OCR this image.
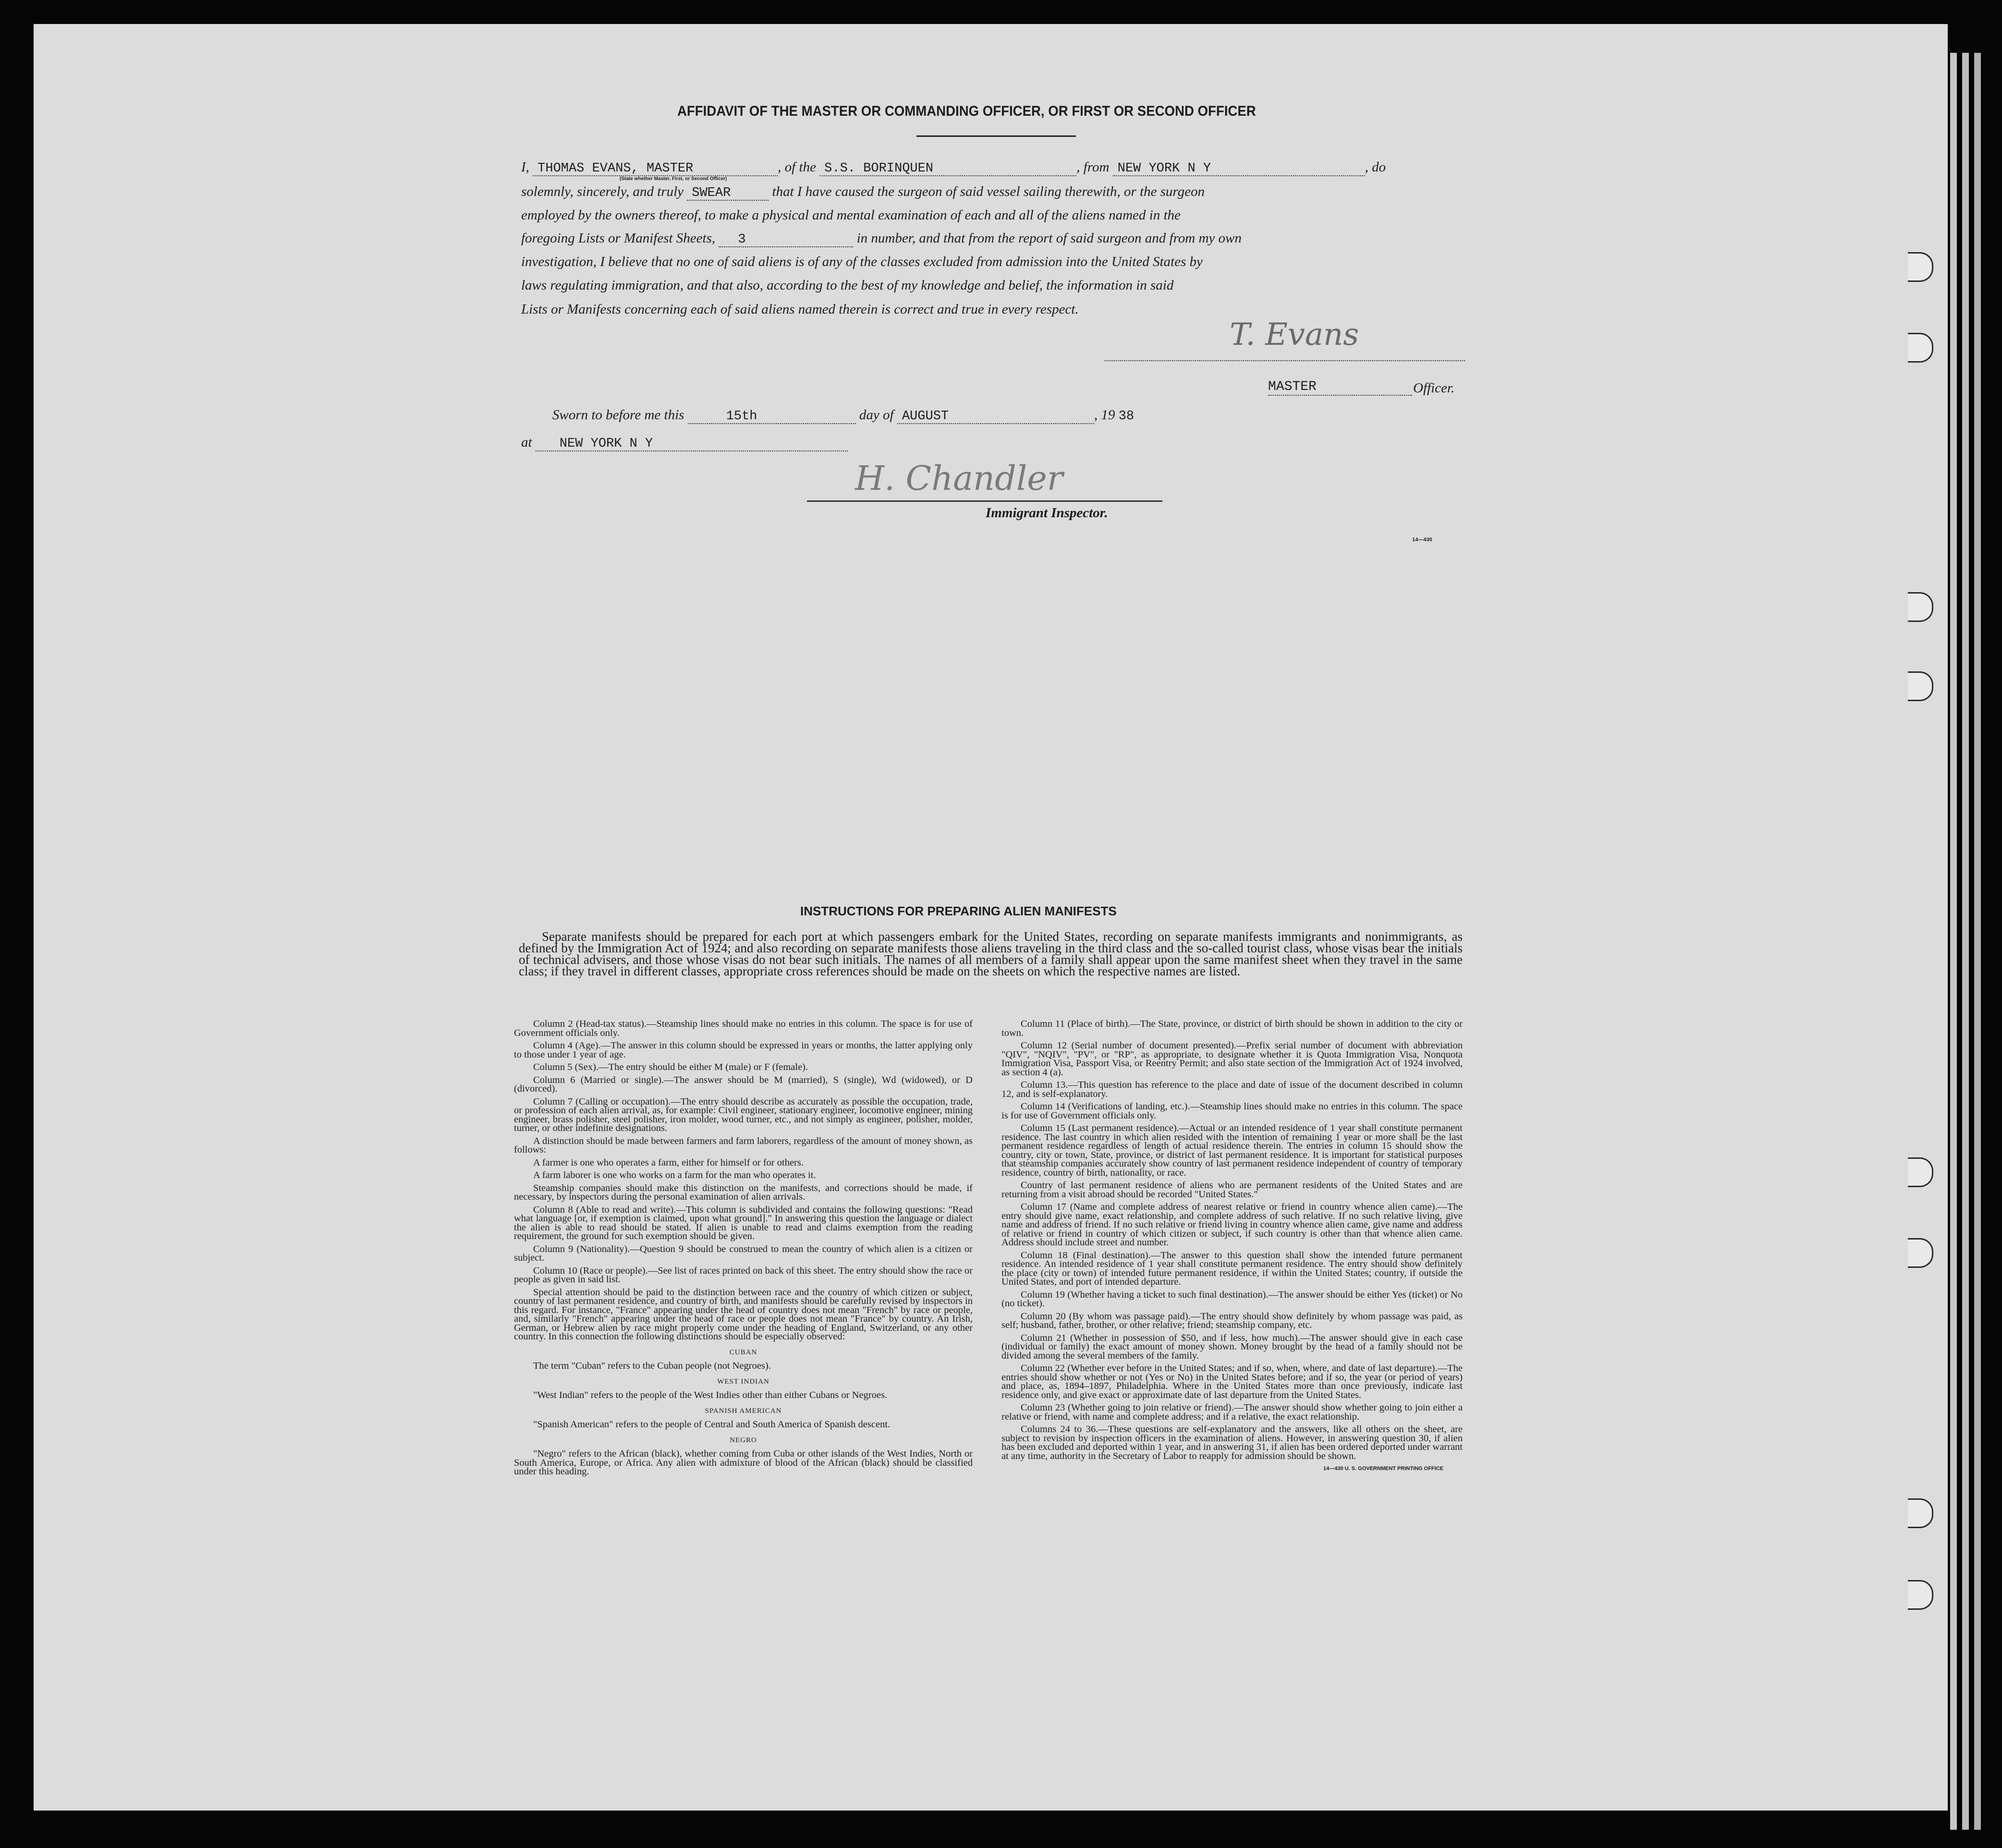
AFFIDAVIT OF THE MASTER OR COMMANDING OFFICER, OR FIRST OR SECOND OFFICER
I, THOMAS EVANS, MASTER	, of the S.S. BORINQUEN	, from NEW YORK N Y	, do
(State whether Master, First, or Second Officer)
solemnly, sincerely, and truly SWEAR	that I have caused the surgeon of said vessel sailing therewith, or the surgeon
employed by the owners thereof, to make a physical and mental examination of each and all of the aliens named in the
foregoing Lists or Manifest Sheets, 3	in number, and that from the report of said surgeon and from my own
investigation, I believe that no one of said aliens is of any of the classes excluded from admission into the United States by
laws regulating immigration, and that also, according to the best of my knowledge and belief, the information in said
Lists or Manifests concerning each of said aliens named therein is correct and true in every respect.
T. Evans
MASTER	Officer.
Sworn to before me this	15th	day of AUGUST	, 19 38
at NEW YORK N Y
H. Chandler
Immigrant Inspector.
14—430
INSTRUCTIONS FOR PREPARING ALIEN MANIFESTS

Separate manifests should be prepared for each port at which passengers embark for the United States, recording on separate manifests immigrants and nonimmigrants, as defined by the Immigration Act of 1924; and also recording on separate manifests those aliens traveling in the third class and the so-called tourist class, whose visas bear the initials of technical advisers, and those whose visas do not bear such initials. The names of all members of a family shall appear upon the same manifest sheet when they travel in the same class; if they travel in different classes, appropriate cross references should be made on the sheets on which the respective names are listed.

Column 2 (Head-tax status).—Steamship lines should make no entries in this column. The space is for use of Government officials only.

Column 4 (Age).—The answer in this column should be expressed in years or months, the latter applying only to those under 1 year of age.

Column 5 (Sex).—The entry should be either M (male) or F (female).

Column 6 (Married or single).—The answer should be M (married), S (single), Wd (widowed), or D (divorced).

Column 7 (Calling or occupation).—The entry should describe as accurately as possible the occupation, trade, or profession of each alien arrival, as, for example: Civil engineer, stationary engineer, locomotive engineer, mining engineer, brass polisher, steel polisher, iron molder, wood turner, etc., and not simply as engineer, polisher, molder, turner, or other indefinite designations.

A distinction should be made between farmers and farm laborers, regardless of the amount of money shown, as follows:

A farmer is one who operates a farm, either for himself or for others.

A farm laborer is one who works on a farm for the man who operates it.

Steamship companies should make this distinction on the manifests, and corrections should be made, if necessary, by inspectors during the personal examination of alien arrivals.

Column 8 (Able to read and write).—This column is subdivided and contains the following questions: "Read what language [or, if exemption is claimed, upon what ground]." In answering this question the language or dialect the alien is able to read should be stated. If alien is unable to read and claims exemption from the reading requirement, the ground for such exemption should be given.

Column 9 (Nationality).—Question 9 should be construed to mean the country of which alien is a citizen or subject.

Column 10 (Race or people).—See list of races printed on back of this sheet. The entry should show the race or people as given in said list.

Special attention should be paid to the distinction between race and the country of which citizen or subject, country of last permanent residence, and country of birth, and manifests should be carefully revised by inspectors in this regard. For instance, "France" appearing under the head of country does not mean "French" by race or people, and, similarly "French" appearing under the head of race or people does not mean "France" by country. An Irish, German, or Hebrew alien by race might properly come under the heading of England, Switzerland, or any other country. In this connection the following distinctions should be especially observed:

CUBAN

The term "Cuban" refers to the Cuban people (not Negroes).

WEST INDIAN

"West Indian" refers to the people of the West Indies other than either Cubans or Negroes.

SPANISH AMERICAN

"Spanish American" refers to the people of Central and South America of Spanish descent.

NEGRO

"Negro" refers to the African (black), whether coming from Cuba or other islands of the West Indies, North or South America, Europe, or Africa. Any alien with admixture of blood of the African (black) should be classified under this heading.

Column 11 (Place of birth).—The State, province, or district of birth should be shown in addition to the city or town.

Column 12 (Serial number of document presented).—Prefix serial number of document with abbreviation "QIV", "NQIV", "PV", or "RP", as appropriate, to designate whether it is Quota Immigration Visa, Nonquota Immigration Visa, Passport Visa, or Reentry Permit; and also state section of the Immigration Act of 1924 involved, as section 4 (a).

Column 13.—This question has reference to the place and date of issue of the document described in column 12, and is self-explanatory.

Column 14 (Verifications of landing, etc.).—Steamship lines should make no entries in this column. The space is for use of Government officials only.

Column 15 (Last permanent residence).—Actual or an intended residence of 1 year shall constitute permanent residence. The last country in which alien resided with the intention of remaining 1 year or more shall be the last permanent residence regardless of length of actual residence therein. The entries in column 15 should show the country, city or town, State, province, or district of last permanent residence. It is important for statistical purposes that steamship companies accurately show country of last permanent residence independent of country of temporary residence, country of birth, nationality, or race.

Country of last permanent residence of aliens who are permanent residents of the United States and are returning from a visit abroad should be recorded "United States."

Column 17 (Name and complete address of nearest relative or friend in country whence alien came).—The entry should give name, exact relationship, and complete address of such relative. If no such relative living, give name and address of friend. If no such relative or friend living in country whence alien came, give name and address of relative or friend in country of which citizen or subject, if such country is other than that whence alien came. Address should include street and number.

Column 18 (Final destination).—The answer to this question shall show the intended future permanent residence. An intended residence of 1 year shall constitute permanent residence. The entry should show definitely the place (city or town) of intended future permanent residence, if within the United States; country, if outside the United States, and port of intended departure.

Column 19 (Whether having a ticket to such final destination).—The answer should be either Yes (ticket) or No (no ticket).

Column 20 (By whom was passage paid).—The entry should show definitely by whom passage was paid, as self; husband, father, brother, or other relative; friend; steamship company, etc.

Column 21 (Whether in possession of $50, and if less, how much).—The answer should give in each case (individual or family) the exact amount of money shown. Money brought by the head of a family should not be divided among the several members of the family.

Column 22 (Whether ever before in the United States; and if so, when, where, and date of last departure).—The entries should show whether or not (Yes or No) in the United States before; and if so, the year (or period of years) and place, as, 1894–1897, Philadelphia. Where in the United States more than once previously, indicate last residence only, and give exact or approximate date of last departure from the United States.

Column 23 (Whether going to join relative or friend).—The answer should show whether going to join either a relative or friend, with name and complete address; and if a relative, the exact relationship.

Columns 24 to 36.—These questions are self-explanatory and the answers, like all others on the sheet, are subject to revision by inspection officers in the examination of aliens. However, in answering question 30, if alien has been excluded and deported within 1 year, and in answering 31, if alien has been ordered deported under warrant at any time, authority in the Secretary of Labor to reapply for admission should be shown.

14—430 U. S. GOVERNMENT PRINTING OFFICE
